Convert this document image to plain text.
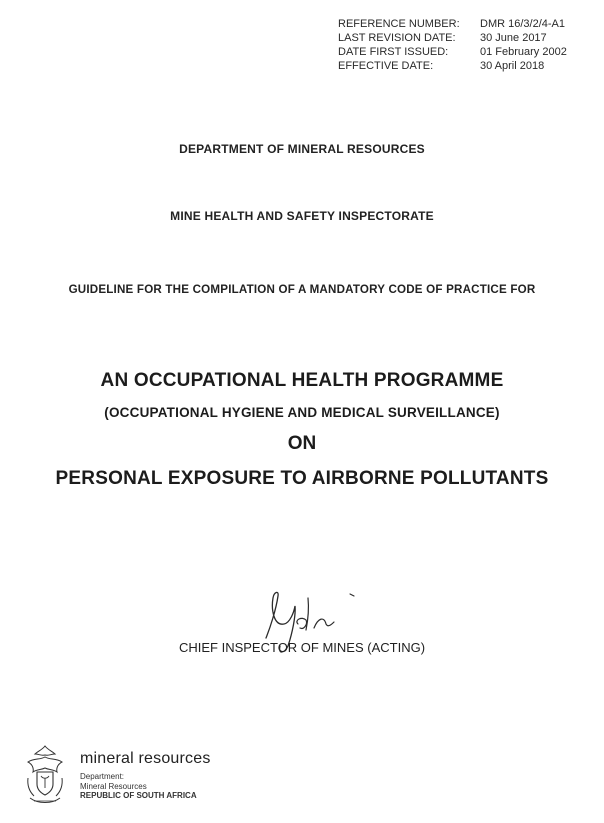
REFERENCE NUMBER:	DMR 16/3/2/4-A1
LAST REVISION DATE:	30 June 2017
DATE FIRST ISSUED:	01 February 2002
EFFECTIVE DATE:	30 April 2018
DEPARTMENT OF MINERAL RESOURCES
MINE HEALTH AND SAFETY INSPECTORATE
GUIDELINE FOR THE COMPILATION OF A MANDATORY CODE OF PRACTICE FOR
AN OCCUPATIONAL HEALTH PROGRAMME
(OCCUPATIONAL HYGIENE AND MEDICAL SURVEILLANCE)
ON
PERSONAL EXPOSURE TO AIRBORNE POLLUTANTS
CHIEF INSPECTOR OF MINES (ACTING)
mineral resources
Department:
Mineral Resources
REPUBLIC OF SOUTH AFRICA
